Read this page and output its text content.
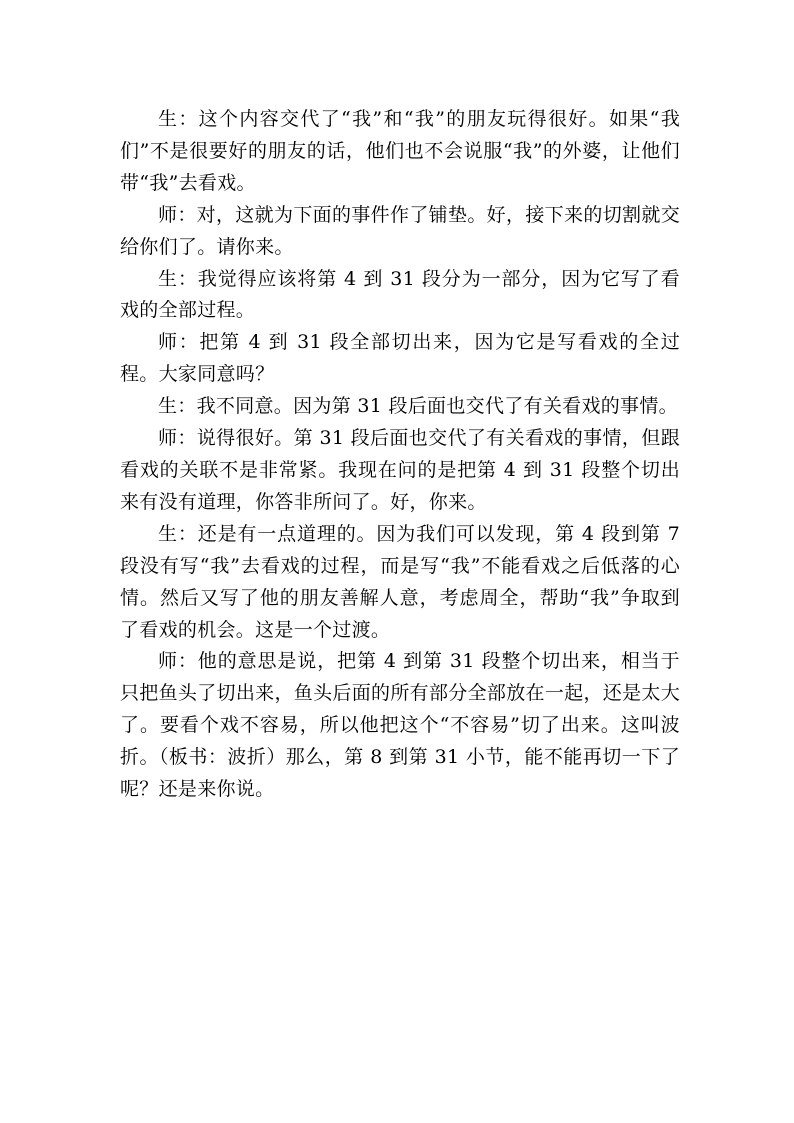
生：这个内容交代了“我”和“我”的朋友玩得很好。如果“我们”不是很要好的朋友的话，他们也不会说服“我”的外婆，让他们带“我”去看戏。

师：对，这就为下面的事件作了铺垫。好，接下来的切割就交给你们了。请你来。

生：我觉得应该将第 4 到 31 段分为一部分，因为它写了看戏的全部过程。

师：把第 4 到 31 段全部切出来，因为它是写看戏的全过程。大家同意吗？

生：我不同意。因为第 31 段后面也交代了有关看戏的事情。

师：说得很好。第 31 段后面也交代了有关看戏的事情，但跟看戏的关联不是非常紧。我现在问的是把第 4 到 31 段整个切出来有没有道理，你答非所问了。好，你来。

生：还是有一点道理的。因为我们可以发现，第 4 段到第 7 段没有写“我”去看戏的过程，而是写“我”不能看戏之后低落的心情。然后又写了他的朋友善解人意，考虑周全，帮助“我”争取到了看戏的机会。这是一个过渡。

师：他的意思是说，把第 4 到第 31 段整个切出来，相当于只把鱼头了切出来，鱼头后面的所有部分全部放在一起，还是太大了。要看个戏不容易，所以他把这个“不容易”切了出来。这叫波折。（板书：波折）那么，第 8 到第 31 小节，能不能再切一下了呢？还是来你说。
